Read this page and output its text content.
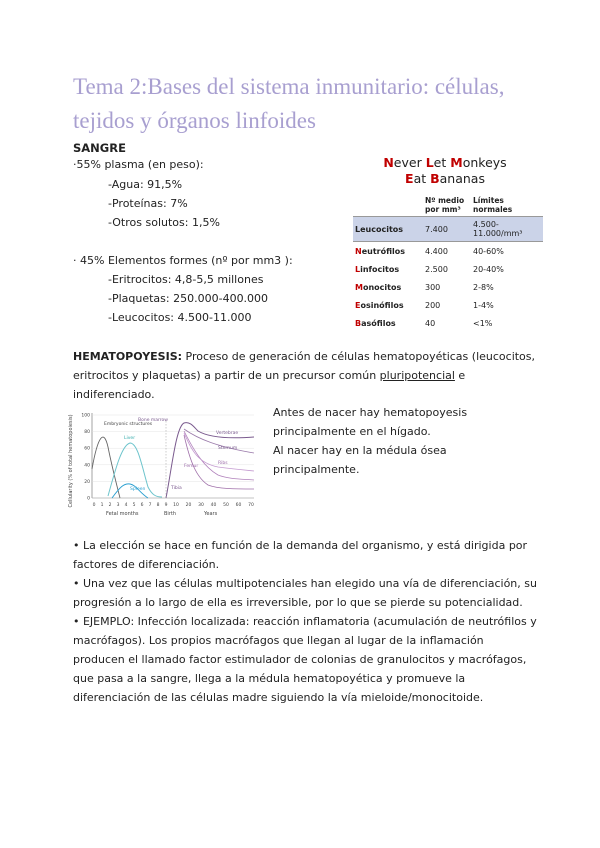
Tema 2:Bases del sistema inmunitario: células, tejidos y órganos linfoides
SANGRE
·55% plasma (en peso):
-Agua: 91,5%
-Proteínas: 7%
-Otros solutos: 1,5%
· 45% Elementos formes (nº por mm3 ):
-Eritrocitos: 4,8-5,5 millones
-Plaquetas: 250.000-400.000
-Leucocitos: 4.500-11.000
Never Let Monkeys
Eat Bananas
	Nº medio por mm³	Límites normales
Leucocitos	7.400	4.500-11.000/mm³
Neutrófilos	4.400	40-60%
Linfocitos	2.500	20-40%
Monocitos	300	2-8%
Eosinófilos	200	1-4%
Basófilos	40	<1%
HEMATOPOYESIS: Proceso de generación de células hematopoyéticas (leucocitos,
eritrocitos y plaquetas) a partir de un precursor común pluripotencial e
indiferenciado.
Cellularity (% of total hematopoiesis) 100
80
60
40
20
0
0 1 2 3 4 5 6 7 8 9 10 20 30 40 50 60 70
Embryonic structures
Bone marrow
Liver
Spleen
Vertebrae
Sternum
Femur
Ribs
Tibia
Fetal months	Birth	Years
Antes de nacer hay hematopoyesis
principalmente en el hígado.
Al nacer hay en la médula ósea
principalmente.
• La elección se hace en función de la demanda del organismo, y está dirigida por
factores de diferenciación.
• Una vez que las células multipotenciales han elegido una vía de diferenciación, su
progresión a lo largo de ella es irreversible, por lo que se pierde su potencialidad.
• EJEMPLO: Infección localizada: reacción inflamatoria (acumulación de neutrófilos y
macrófagos). Los propios macrófagos que llegan al lugar de la inflamación
producen el llamado factor estimulador de colonias de granulocitos y macrófagos,
que pasa a la sangre, llega a la médula hematopoyética y promueve la
diferenciación de las células madre siguiendo la vía mieloide/monocitoide.
